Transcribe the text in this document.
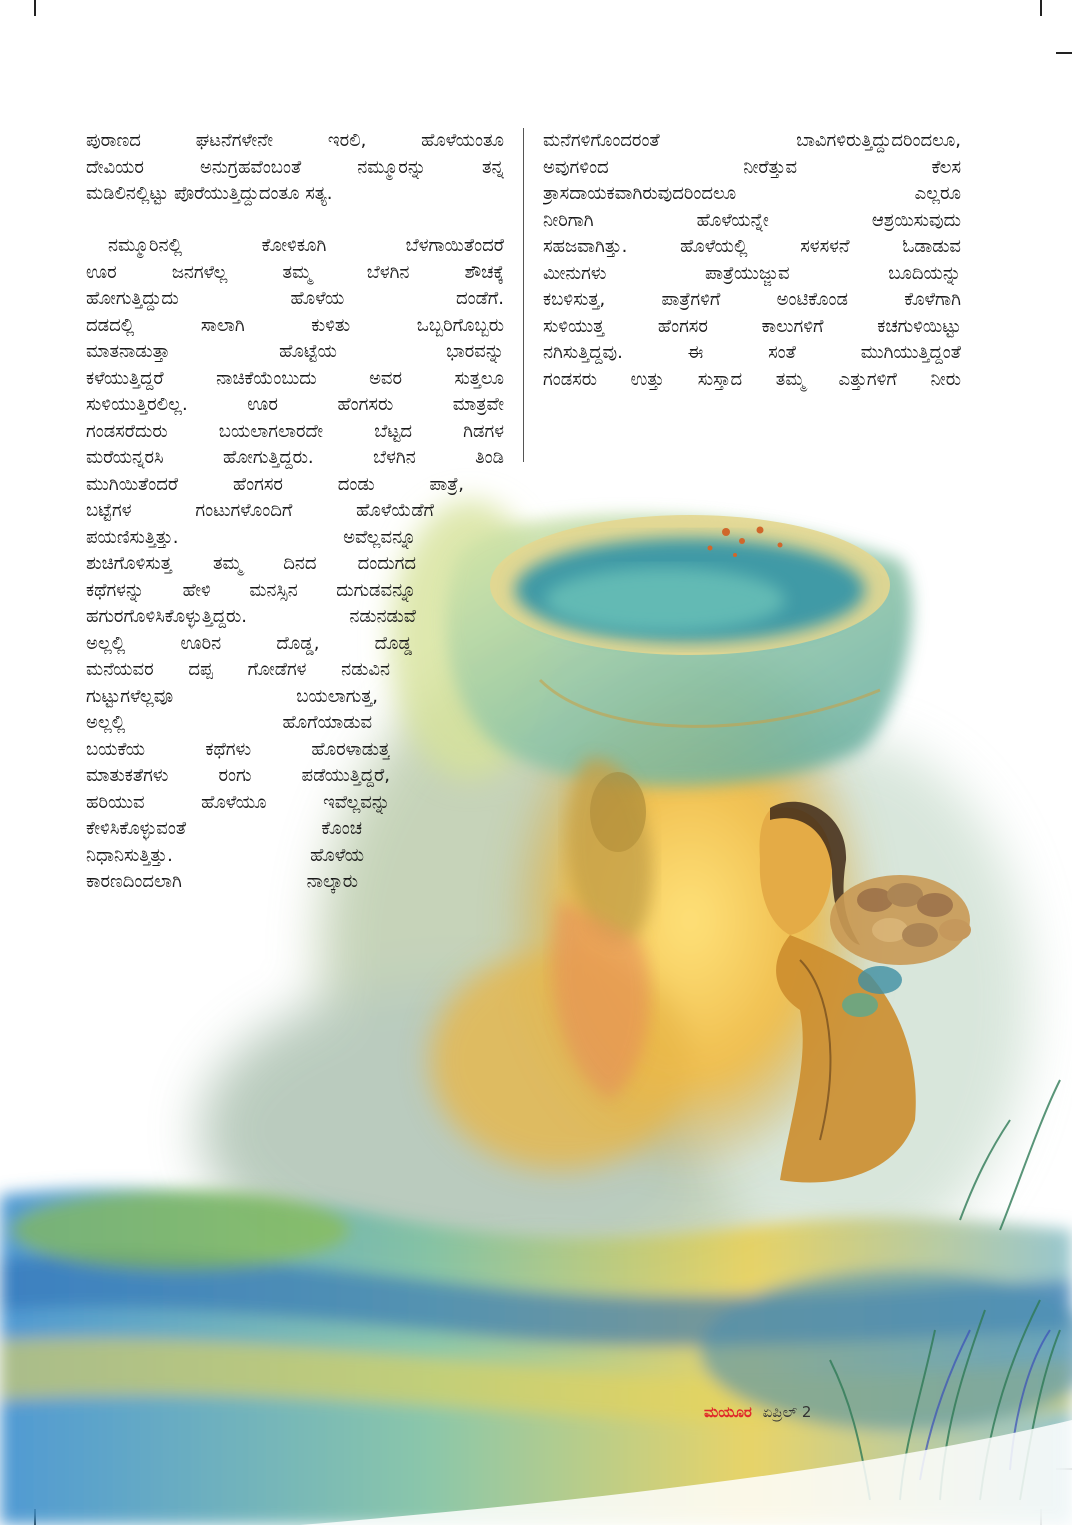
ಪುರಾಣದ ಘಟನೆಗಳೇನೇ ಇರಲಿ, ಹೊಳೆಯಂತೂ
ದೇವಿಯರ ಅನುಗ್ರಹವೆಂಬಂತೆ ನಮ್ಮೂರನ್ನು ತನ್ನ
ಮಡಿಲಿನಲ್ಲಿಟ್ಟು ಪೊರೆಯುತ್ತಿದ್ದುದಂತೂ ಸತ್ಯ.
ನಮ್ಮೂರಿನಲ್ಲಿ ಕೋಳಿಕೂಗಿ ಬೆಳಗಾಯಿತೆಂದರೆ
ಊರ ಜನಗಳೆಲ್ಲ ತಮ್ಮ ಬೆಳಗಿನ ಶೌಚಕ್ಕೆ
ಹೋಗುತ್ತಿದ್ದುದು ಹೊಳೆಯ ದಂಡೆಗೆ.
ದಡದಲ್ಲಿ ಸಾಲಾಗಿ ಕುಳಿತು ಒಬ್ಬರಿಗೊಬ್ಬರು
ಮಾತನಾಡುತ್ತಾ ಹೊಟ್ಟೆಯ ಭಾರವನ್ನು
ಕಳೆಯುತ್ತಿದ್ದರೆ ನಾಚಿಕೆಯೆಂಬುದು ಅವರ ಸುತ್ತಲೂ
ಸುಳಿಯುತ್ತಿರಲಿಲ್ಲ. ಊರ ಹೆಂಗಸರು ಮಾತ್ರವೇ
ಗಂಡಸರೆದುರು ಬಯಲಾಗಲಾರದೇ ಬೆಟ್ಟದ ಗಿಡಗಳ
ಮರೆಯನ್ನರಸಿ ಹೋಗುತ್ತಿದ್ದರು. ಬೆಳಗಿನ ತಿಂಡಿ
ಮುಗಿಯಿತೆಂದರೆ ಹೆಂಗಸರ ದಂಡು ಪಾತ್ರೆ,
ಬಟ್ಟೆಗಳ ಗಂಟುಗಳೊಂದಿಗೆ ಹೊಳೆಯೆಡೆಗೆ
ಪಯಣಿಸುತ್ತಿತ್ತು. ಅವೆಲ್ಲವನ್ನೂ
ಶುಚಿಗೊಳಿಸುತ್ತ ತಮ್ಮ ದಿನದ ದಂದುಗದ
ಕಥೆಗಳನ್ನು ಹೇಳಿ ಮನಸ್ಸಿನ ದುಗುಡವನ್ನೂ
ಹಗುರಗೊಳಿಸಿಕೊಳ್ಳುತ್ತಿದ್ದರು. ನಡುನಡುವೆ
ಅಲ್ಲಲ್ಲಿ ಊರಿನ ದೊಡ್ಡ, ದೊಡ್ಡ
ಮನೆಯವರ ದಪ್ಪ ಗೋಡೆಗಳ ನಡುವಿನ
ಗುಟ್ಟುಗಳೆಲ್ಲವೂ ಬಯಲಾಗುತ್ತ,
ಅಲ್ಲಲ್ಲಿ ಹೊಗೆಯಾಡುವ
ಬಯಕೆಯ ಕಥೆಗಳು ಹೊರಳಾಡುತ್ತ
ಮಾತುಕತೆಗಳು ರಂಗು ಪಡೆಯುತ್ತಿದ್ದರೆ,
ಹರಿಯುವ ಹೊಳೆಯೂ ಇವೆಲ್ಲವನ್ನು
ಕೇಳಿಸಿಕೊಳ್ಳುವಂತೆ ಕೊಂಚ
ನಿಧಾನಿಸುತ್ತಿತ್ತು. ಹೊಳೆಯ
ಕಾರಣದಿಂದಲಾಗಿ ನಾಲ್ಕಾರು
ಮನೆಗಳಿಗೊಂದರಂತೆ ಬಾವಿಗಳಿರುತ್ತಿದ್ದುದರಿಂದಲೂ,
ಅವುಗಳಿಂದ ನೀರೆತ್ತುವ ಕೆಲಸ
ತ್ರಾಸದಾಯಕವಾಗಿರುವುದರಿಂದಲೂ ಎಲ್ಲರೂ
ನೀರಿಗಾಗಿ ಹೊಳೆಯನ್ನೇ ಆಶ್ರಯಿಸುವುದು
ಸಹಜವಾಗಿತ್ತು. ಹೊಳೆಯಲ್ಲಿ ಸಳಸಳನೆ ಓಡಾಡುವ
ಮೀನುಗಳು ಪಾತ್ರೆಯುಜ್ಜುವ ಬೂದಿಯನ್ನು
ಕಬಳಿಸುತ್ತ, ಪಾತ್ರೆಗಳಿಗೆ ಅಂಟಿಕೊಂಡ ಕೊಳೆಗಾಗಿ
ಸುಳಿಯುತ್ತ ಹೆಂಗಸರ ಕಾಲುಗಳಿಗೆ ಕಚಗುಳಿಯಿಟ್ಟು
ನಗಿಸುತ್ತಿದ್ದವು. ಈ ಸಂತೆ ಮುಗಿಯುತ್ತಿದ್ದಂತೆ
ಗಂಡಸರು ಉತ್ತು ಸುಸ್ತಾದ ತಮ್ಮ ಎತ್ತುಗಳಿಗೆ ನೀರು
ಮಯೂರ ಏಪ್ರಿಲ್ 2
